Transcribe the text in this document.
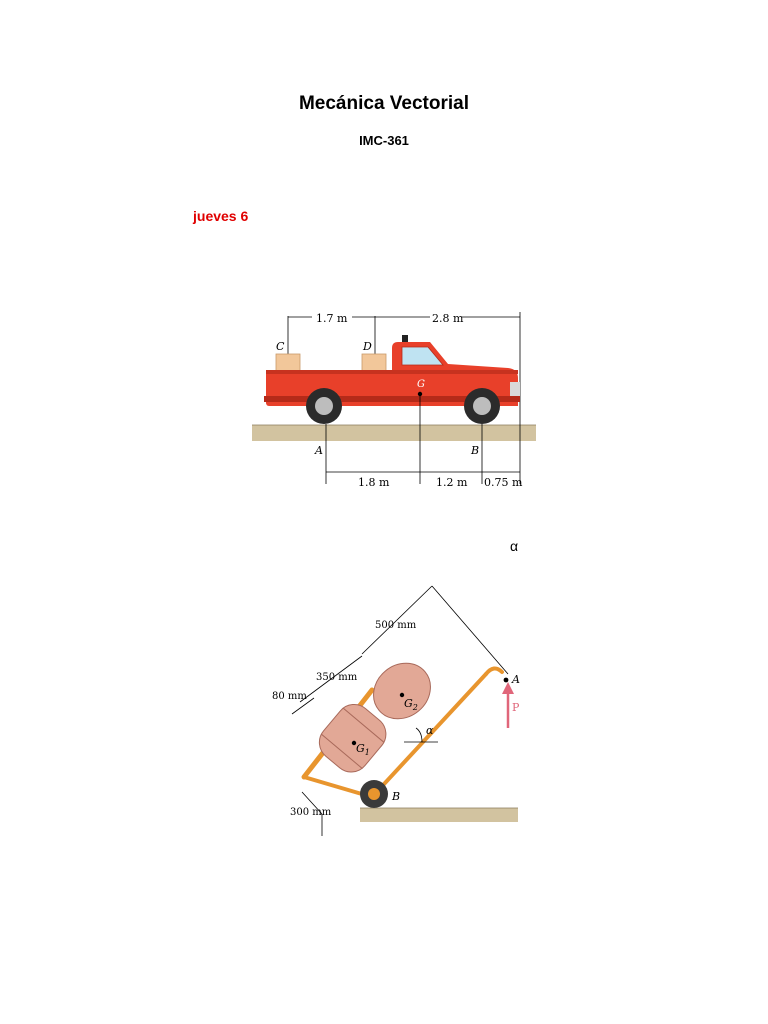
Mecánica Vectorial
IMC-361
jueves 6
1.7 m	2.8 m
C	D
G
A	B
1.8 m	1.2 m 0.75 m
α
$G_1$
$G_2$
B
A
P
α
500 mm
350 mm
80 mm
300 mm
